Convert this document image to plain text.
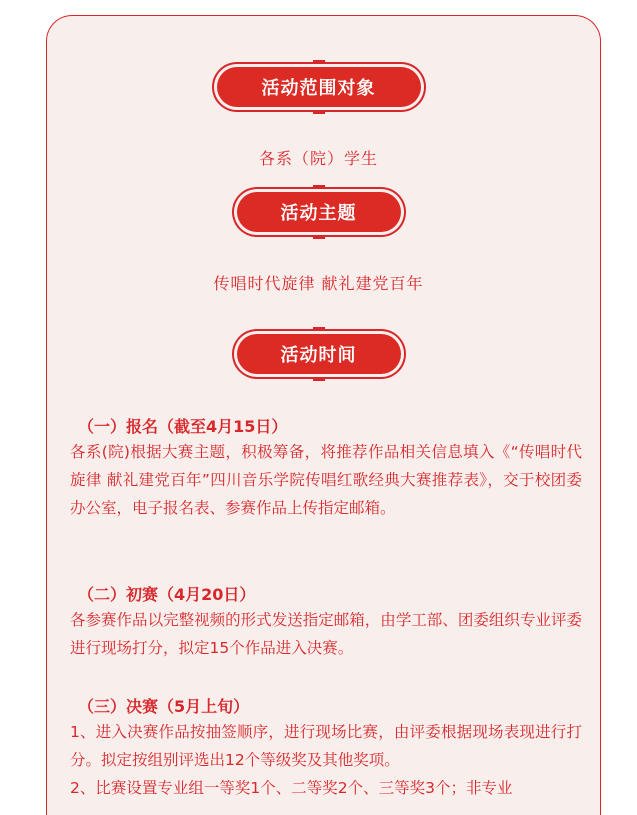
活动范围对象
各系（院）学生
活动主题
传唱时代旋律 献礼建党百年
活动时间
（一）报名（截至4月15日）
各系(院)根据大赛主题，积极筹备，将推荐作品相关信息填入《“传唱时代旋律 献礼建党百年”四川音乐学院传唱红歌经典大赛推荐表》，交于校团委办公室，电子报名表、参赛作品上传指定邮箱。
（二）初赛（4月20日）
各参赛作品以完整视频的形式发送指定邮箱，由学工部、团委组织专业评委进行现场打分，拟定15个作品进入决赛。
（三）决赛（5月上旬）
1、进入决赛作品按抽签顺序，进行现场比赛，由评委根据现场表现进行打分。拟定按组别评选出12个等级奖及其他奖项。
2、比赛设置专业组一等奖1个、二等奖2个、三等奖3个；非专业
